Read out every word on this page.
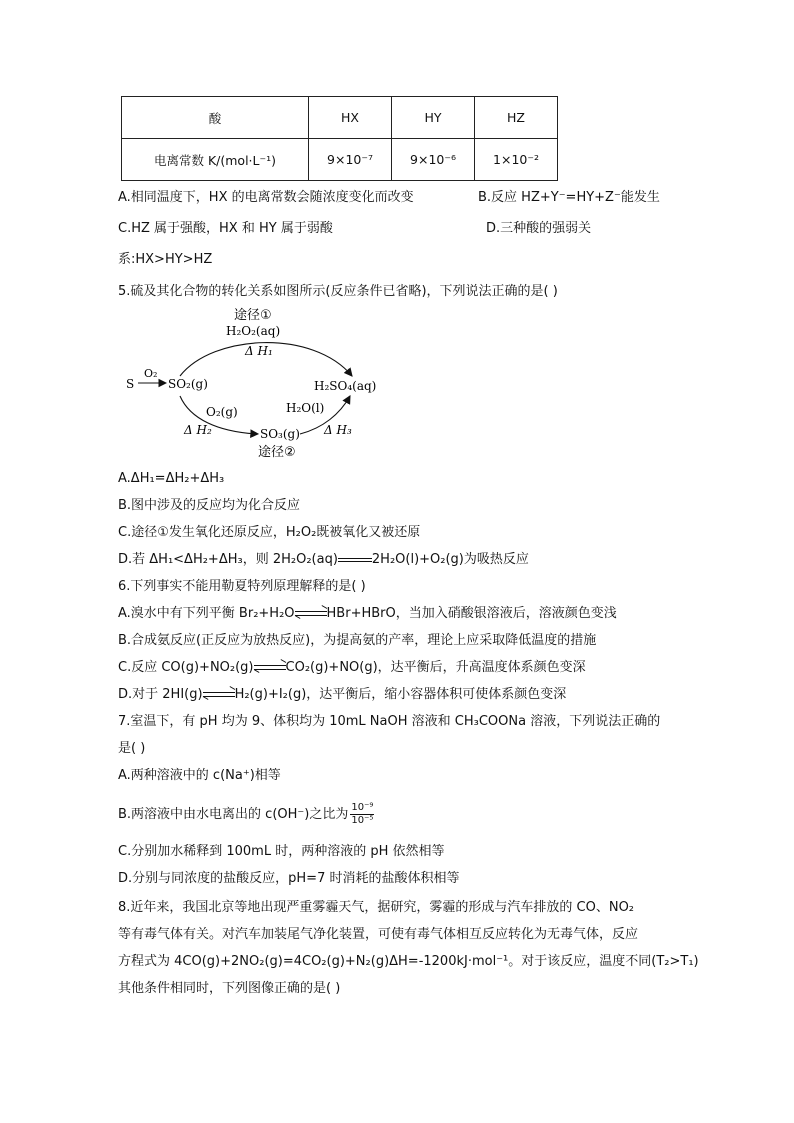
酸	HX	HY	HZ
电离常数 K/(mol·L⁻¹)	9×10⁻⁷	9×10⁻⁶	1×10⁻²
A.相同温度下，HX 的电离常数会随浓度变化而改变	B.反应 HZ+Y⁻=HY+Z⁻能发生
C.HZ 属于强酸，HX 和 HY 属于弱酸	D.三种酸的强弱关
系:HX>HY>HZ
5.硫及其化合物的转化关系如图所示(反应条件已省略)，下列说法正确的是( )
途径①
H₂O₂(aq)
Δ H₁
S
O₂
SO₂(g)	H₂SO₄(aq)
O₂(g)
Δ H₂	SO₃(g)
H₂O(l)
Δ H₃
途径②
A.ΔH₁=ΔH₂+ΔH₃
B.图中涉及的反应均为化合反应
C.途径①发生氧化还原反应，H₂O₂既被氧化又被还原
D.若 ΔH₁<ΔH₂+ΔH₃，则 2H₂O₂(aq)	2H₂O(l)+O₂(g)为吸热反应
6.下列事实不能用勒夏特列原理解释的是( )
A.溴水中有下列平衡 Br₂+H₂O⇌HBr+HBrO，当加入硝酸银溶液后，溶液颜色变浅
B.合成氨反应(正反应为放热反应)，为提高氨的产率，理论上应采取降低温度的措施
C.反应 CO(g)+NO₂(g)⇌CO₂(g)+NO(g)，达平衡后，升高温度体系颜色变深
D.对于 2HI(g)⇌H₂(g)+I₂(g)，达平衡后，缩小容器体积可使体系颜色变深
7.室温下，有 pH 均为 9、体积均为 10mL NaOH 溶液和 CH₃COONa 溶液，下列说法正确的
是( )
A.两种溶液中的 c(Na⁺)相等
B.两溶液中由水电离出的 c(OH⁻)之比为 $\frac{\text{10⁻⁹}}{\text{10⁻⁵}}$
C.分别加水稀释到 100mL 时，两种溶液的 pH 依然相等
D.分别与同浓度的盐酸反应，pH=7 时消耗的盐酸体积相等
8.近年来，我国北京等地出现严重雾霾天气，据研究，雾霾的形成与汽车排放的 CO、NO₂
等有毒气体有关。对汽车加装尾气净化装置，可使有毒气体相互反应转化为无毒气体，反应
方程式为 4CO(g)+2NO₂(g)=4CO₂(g)+N₂(g)ΔH=-1200kJ·mol⁻¹。对于该反应，温度不同(T₂>T₁)
其他条件相同时，下列图像正确的是( )
